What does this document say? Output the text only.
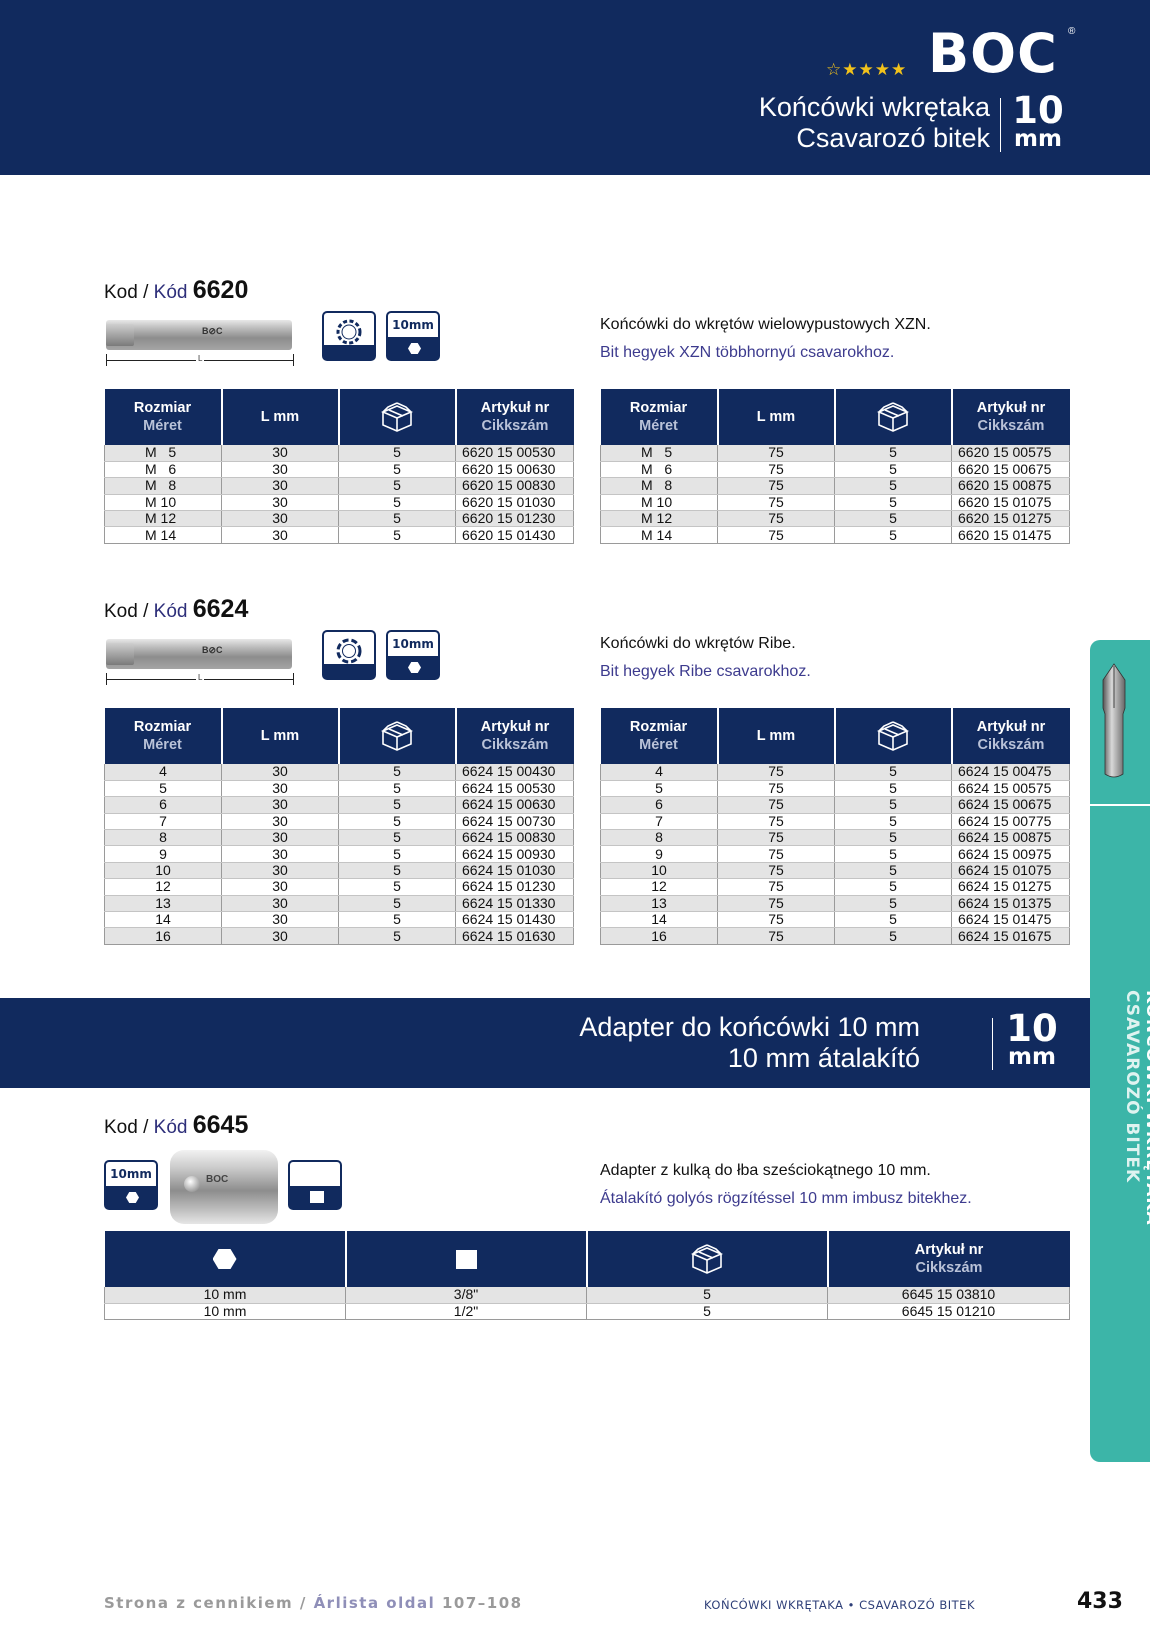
☆★★★★ BOC ®
Końcówki wkrętaka
Csavarozó bitek
10
mm
Kod / Kód 6620
B⊘C
L
10mm	Końcówki do wkrętów wielowypustowych XZN.
Bit hegyek XZN többhornyú csavarokhoz.
Rozmiar
Méret	L mm		Artykuł nr
Cikkszám
M   5	30	5	6620 15 00530
M   6	30	5	6620 15 00630
M   8	30	5	6620 15 00830
M 10	30	5	6620 15 01030
M 12	30	5	6620 15 01230
M 14	30	5	6620 15 01430
Rozmiar
Méret	L mm		Artykuł nr
Cikkszám
M   5	75	5	6620 15 00575
M   6	75	5	6620 15 00675
M   8	75	5	6620 15 00875
M 10	75	5	6620 15 01075
M 12	75	5	6620 15 01275
M 14	75	5	6620 15 01475
Kod / Kód 6624
B⊘C
L
10mm	Końcówki do wkrętów Ribe.
Bit hegyek Ribe csavarokhoz.
Rozmiar
Méret	L mm		Artykuł nr
Cikkszám
4	30	5	6624 15 00430
5	30	5	6624 15 00530
6	30	5	6624 15 00630
7	30	5	6624 15 00730
8	30	5	6624 15 00830
9	30	5	6624 15 00930
10	30	5	6624 15 01030
12	30	5	6624 15 01230
13	30	5	6624 15 01330
14	30	5	6624 15 01430
16	30	5	6624 15 01630
Rozmiar
Méret	L mm		Artykuł nr
Cikkszám
4	75	5	6624 15 00475
5	75	5	6624 15 00575
6	75	5	6624 15 00675
7	75	5	6624 15 00775
8	75	5	6624 15 00875
9	75	5	6624 15 00975
10	75	5	6624 15 01075
12	75	5	6624 15 01275
13	75	5	6624 15 01375
14	75	5	6624 15 01475
16	75	5	6624 15 01675
Adapter do końcówki 10 mm
10 mm átalakító
10
mm
Kod / Kód 6645
10mm	BOC
Adapter z kulką do łba sześciokątnego 10 mm.
Átalakító golyós rögzítéssel 10 mm imbusz bitekhez.
			Artykuł nr
Cikkszám
10 mm	3/8"	5	6645 15 03810
10 mm	1/2"	5	6645 15 01210
KOŃCÓWKI WKRĘTAKA
CSAVAROZÓ BITEK
Strona z cennikiem / Árlista oldal 107–108	KOŃCÓWKI WKRĘTAKA • CSAVAROZÓ BITEK	433
